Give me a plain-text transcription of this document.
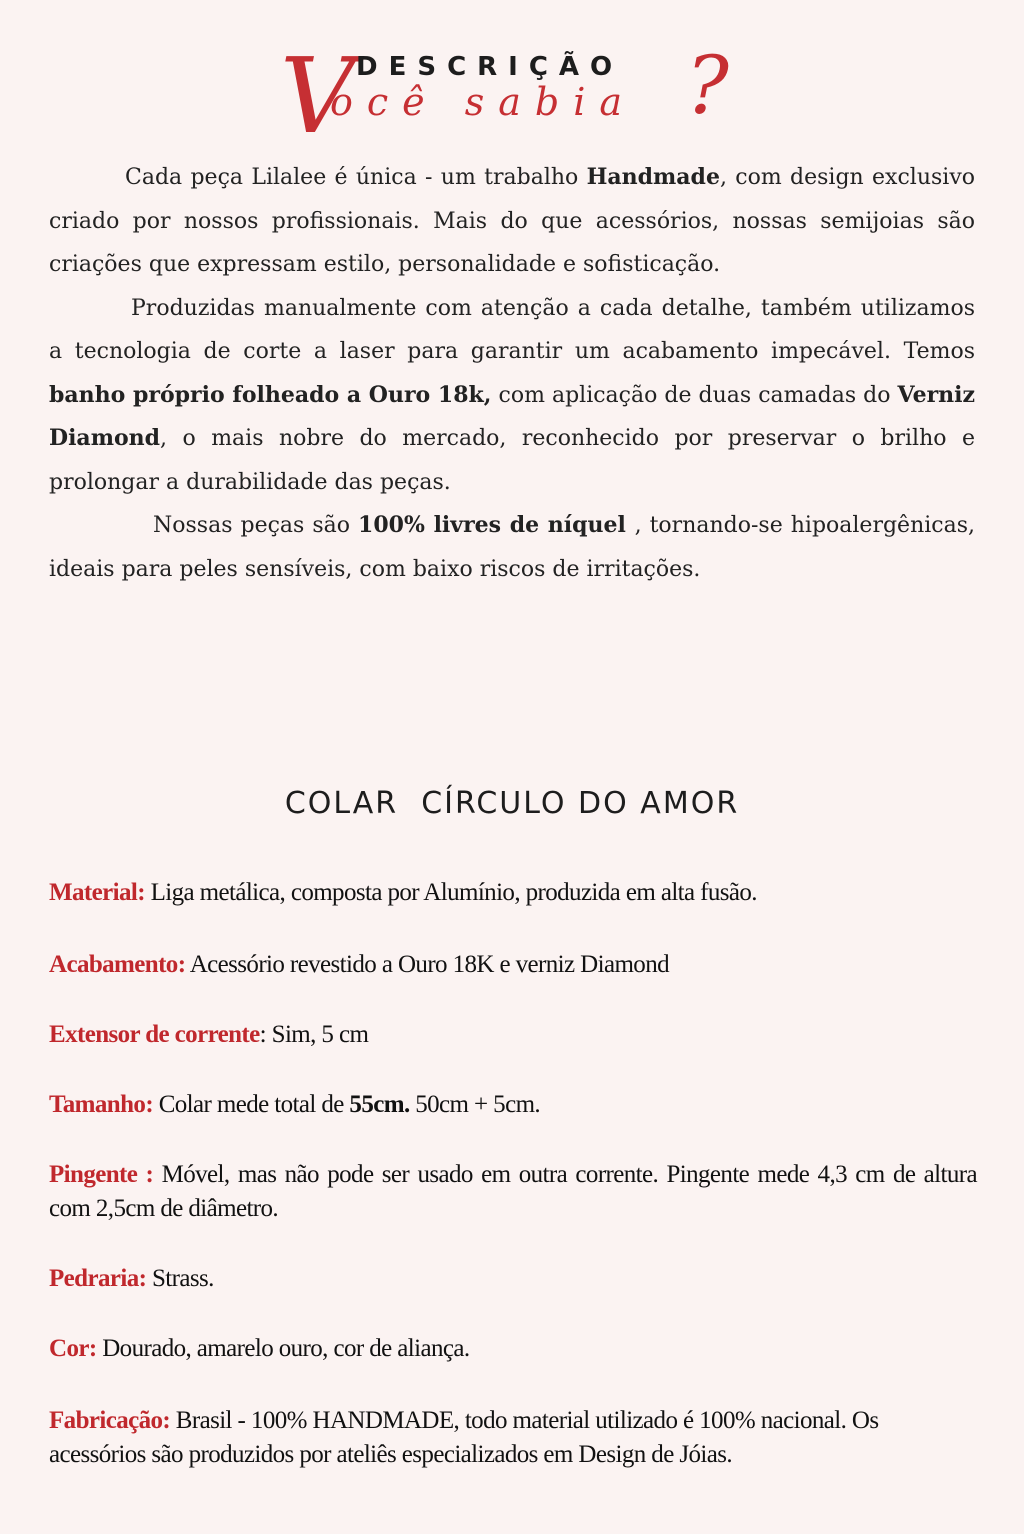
V
ocê sabia ?
DESCRIÇÃO

Cada peça Lilalee é única - um trabalho Handmade, com design exclusivo criado por nossos profissionais. Mais do que acessórios, nossas semijoias são criações que expressam estilo, personalidade e sofisticação.

Produzidas manualmente com atenção a cada detalhe, também utilizamos a tecnologia de corte a laser para garantir um acabamento impecável. Temos banho próprio folheado a Ouro 18k, com aplicação de duas camadas do Verniz Diamond, o mais nobre do mercado, reconhecido por preservar o brilho e prolongar a durabilidade das peças.

Nossas peças são 100% livres de níquel , tornando-se hipoalergênicas, ideais para peles sensíveis, com baixo riscos de irritações.

COLAR  CÍRCULO DO AMOR
Material: Liga metálica, composta por Alumínio, produzida em alta fusão.
Acabamento: Acessório revestido a Ouro 18K e verniz Diamond
Extensor de corrente: Sim, 5 cm
Tamanho: Colar mede total de 55cm. 50cm + 5cm.
Pingente : Móvel, mas não pode ser usado em outra corrente. Pingente mede 4,3 cm de altura com 2,5cm de diâmetro.
Pedraria: Strass.
Cor: Dourado, amarelo ouro, cor de aliança.
Fabricação: Brasil - 100% HANDMADE, todo material utilizado é 100% nacional. Os acessórios são produzidos por ateliês especializados em Design de Jóias.
